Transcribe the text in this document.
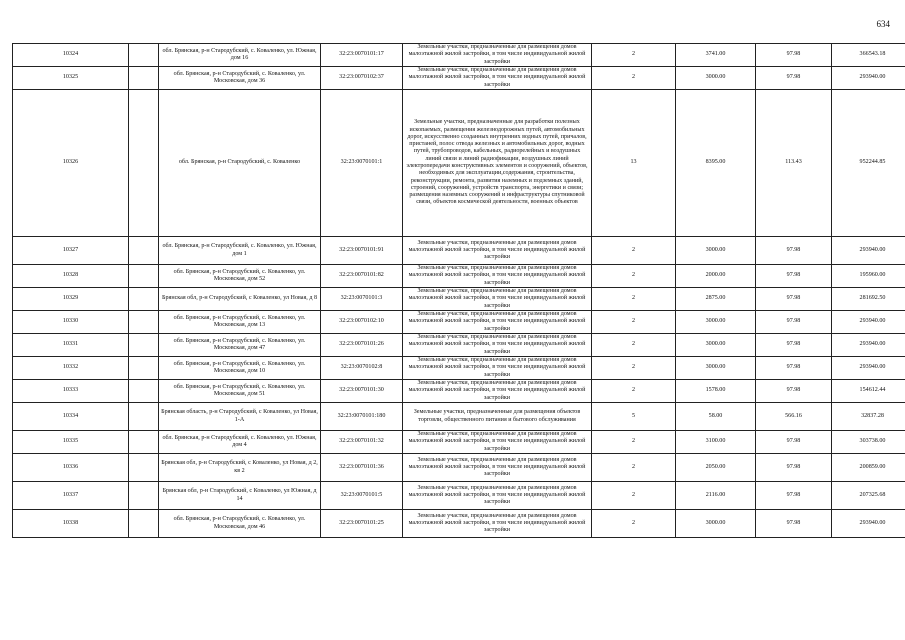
634
10324		обл. Брянская, р-н Стародубский, с. Коваленко, ул. Южная, дом 16	32:23:0070101:17	Земельные участки, предназначенные для размещения домов малоэтажной жилой застройки, в том числе индивидуальной жилой застройки	2	3741.00	97.98	366543.18
10325		обл. Брянская, р-н Стародубский, с. Коваленко, ул. Московская, дом 36	32:23:0070102:37	Земельные участки, предназначенные для размещения домов малоэтажной жилой застройки, в том числе индивидуальной жилой застройки	2	3000.00	97.98	293940.00
10326		обл. Брянская, р-н Стародубский, с. Коваленко	32:23:0070101:1	Земельные участки, предназначенные для разработки полезных ископаемых, размещения железнодорожных путей, автомобильных дорог, искусственно созданных внутренних водных путей, причалов, пристаней, полос отвода железных и автомобильных дорог, водных путей, трубопроводов, кабельных, радиорелейных и воздушных линий связи и линий радиофикации, воздушных линий электропередачи конструктивных элементов и сооружений, объектов, необходимых для эксплуатации,содержания, строительства, реконструкции, ремонта, развития наземных и подземных зданий, строений, сооружений, устройств транспорта, энергетики и связи; размещения наземных сооружений и инфраструктуры спутниковой связи, объектов космической деятельности, военных объектов	13	8395.00	113.43	952244.85
10327		обл. Брянская, р-н Стародубский, с. Коваленко, ул. Южная, дом 1	32:23:0070101:91	Земельные участки, предназначенные для размещения домов малоэтажной жилой застройки, в том числе индивидуальной жилой застройки	2	3000.00	97.98	293940.00
10328		обл. Брянская, р-н Стародубский, с. Коваленко, ул. Московская, дом 52	32:23:0070101:82	Земельные участки, предназначенные для размещения домов малоэтажной жилой застройки, в том числе индивидуальной жилой застройки	2	2000.00	97.98	195960.00
10329		Брянская обл, р-н Стародубский, с Коваленко, ул Новая, д 8	32:23:0070101:3	Земельные участки, предназначенные для размещения домов малоэтажной жилой застройки, в том числе индивидуальной жилой застройки	2	2875.00	97.98	281692.50
10330		обл. Брянская, р-н Стародубский, с. Коваленко, ул. Московская, дом 13	32:23:0070102:10	Земельные участки, предназначенные для размещения домов малоэтажной жилой застройки, в том числе индивидуальной жилой застройки	2	3000.00	97.98	293940.00
10331		обл. Брянская, р-н Стародубский, с. Коваленко, ул. Московская, дом 47	32:23:0070101:26	Земельные участки, предназначенные для размещения домов малоэтажной жилой застройки, в том числе индивидуальной жилой застройки	2	3000.00	97.98	293940.00
10332		обл. Брянская, р-н Стародубский, с. Коваленко, ул. Московская, дом 10	32:23:0070102:8	Земельные участки, предназначенные для размещения домов малоэтажной жилой застройки, в том числе индивидуальной жилой застройки	2	3000.00	97.98	293940.00
10333		обл. Брянская, р-н Стародубский, с. Коваленко, ул. Московская, дом 51	32:23:0070101:30	Земельные участки, предназначенные для размещения домов малоэтажной жилой застройки, в том числе индивидуальной жилой застройки	2	1578.00	97.98	154612.44
10334		Брянская область, р-н Стародубский, с Коваленко, ул Новая, 1-А	32:23:0070101:180	Земельные участки, предназначенные для размещения объектов торговли, общественного питания и бытового обслуживания	5	58.00	566.16	32837.28
10335		обл. Брянская, р-н Стародубский, с. Коваленко, ул. Южная, дом 4	32:23:0070101:32	Земельные участки, предназначенные для размещения домов малоэтажной жилой застройки, в том числе индивидуальной жилой застройки	2	3100.00	97.98	303738.00
10336		Брянская обл, р-н Стародубский, с Коваленко, ул Новая, д 2, кв 2	32:23:0070101:36	Земельные участки, предназначенные для размещения домов малоэтажной жилой застройки, в том числе индивидуальной жилой застройки	2	2050.00	97.98	200859.00
10337		Брянская обл, р-н Стародубский, с Коваленко, ул Южная, д 14	32:23:0070101:5	Земельные участки, предназначенные для размещения домов малоэтажной жилой застройки, в том числе индивидуальной жилой застройки	2	2116.00	97.98	207325.68
10338		обл. Брянская, р-н Стародубский, с. Коваленко, ул. Московская, дом 46	32:23:0070101:25	Земельные участки, предназначенные для размещения домов малоэтажной жилой застройки, в том числе индивидуальной жилой застройки	2	3000.00	97.98	293940.00
